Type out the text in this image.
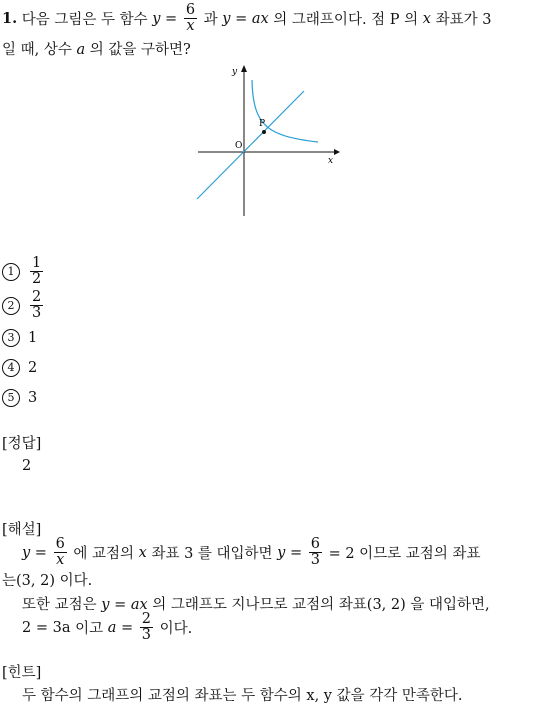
1.
다음 그림은 두 함수
$y = \frac{6}{x}$
과
y = ax
의 그래프이다. 점 P 의
x
좌표가 3
일 때, 상수 a 의 값을 구하면?
P
O
y
x
1	$\frac{1}{2}$
2	$\frac{2}{3}$
3 1
4 2
5 3
[정답]
2
[해설]
y =
$\frac{6}{x}$
에 교점의
x
좌표 3 를 대입하면
y =
$\frac{6}{3}$
= 2 이므로 교점의 좌표
는(3, 2) 이다.
또한 교점은 y = ax 의 그래프도 지나므로 교점의 좌표(3, 2) 을 대입하면,
2 = 3a
이고
a =
$\frac{2}{3}$
이다.
[힌트]
두 함수의 그래프의 교점의 좌표는 두 함수의 x, y 값을 각각 만족한다.
